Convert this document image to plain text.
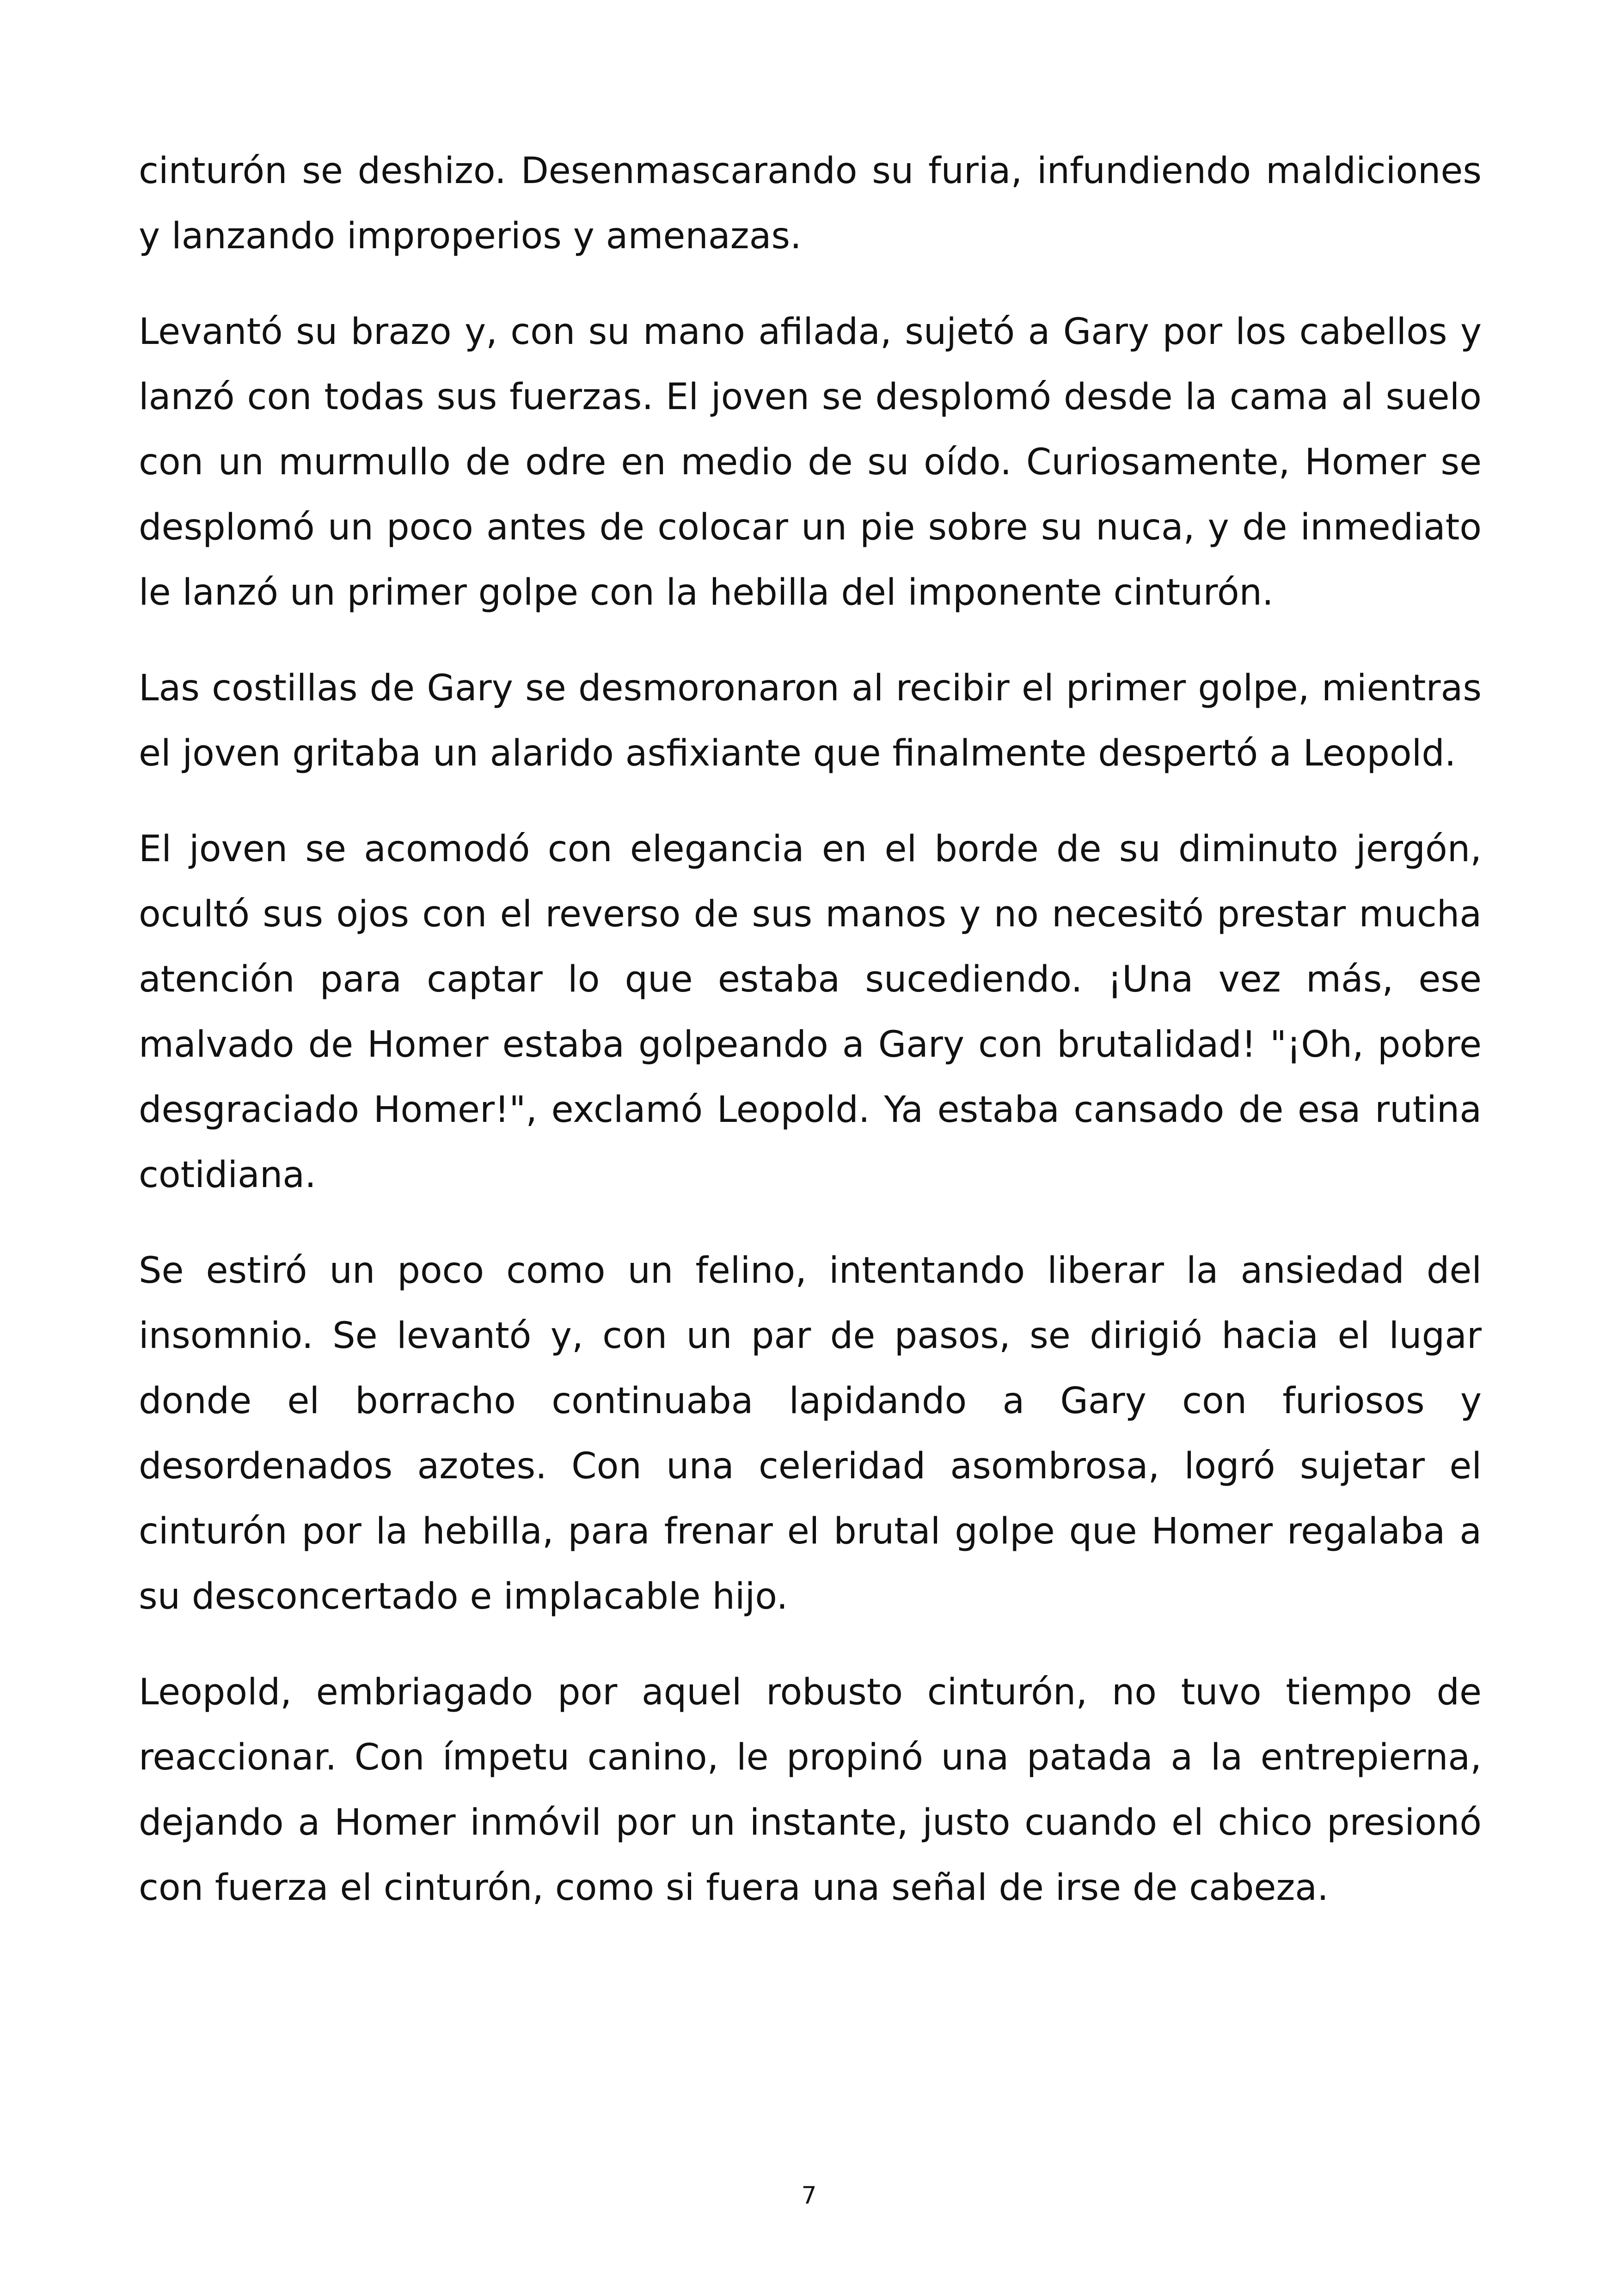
cinturón se deshizo. Desenmascarando su furia, infundiendo maldiciones y lanzando improperios y amenazas.

Levantó su brazo y, con su mano afilada, sujetó a Gary por los cabellos y lanzó con todas sus fuerzas. El joven se desplomó desde la cama al suelo con un murmullo de odre en medio de su oído. Curiosamente, Homer se desplomó un poco antes de colocar un pie sobre su nuca, y de inmediato le lanzó un primer golpe con la hebilla del imponente cinturón.

Las costillas de Gary se desmoronaron al recibir el primer golpe, mientras el joven gritaba un alarido asfixiante que finalmente despertó a Leopold.

El joven se acomodó con elegancia en el borde de su diminuto jergón, ocultó sus ojos con el reverso de sus manos y no necesitó prestar mucha atención para captar lo que estaba sucediendo. ¡Una vez más, ese malvado de Homer estaba golpeando a Gary con brutalidad! "¡Oh, pobre desgraciado Homer!", exclamó Leopold. Ya estaba cansado de esa rutina cotidiana.

Se estiró un poco como un felino, intentando liberar la ansiedad del insomnio. Se levantó y, con un par de pasos, se dirigió hacia el lugar donde el borracho continuaba lapidando a Gary con furiosos y desordenados azotes. Con una celeridad asombrosa, logró sujetar el cinturón por la hebilla, para frenar el brutal golpe que Homer regalaba a su desconcertado e implacable hijo.

Leopold, embriagado por aquel robusto cinturón, no tuvo tiempo de reaccionar. Con ímpetu canino, le propinó una patada a la entrepierna, dejando a Homer inmóvil por un instante, justo cuando el chico presionó con fuerza el cinturón, como si fuera una señal de irse de cabeza.

7
